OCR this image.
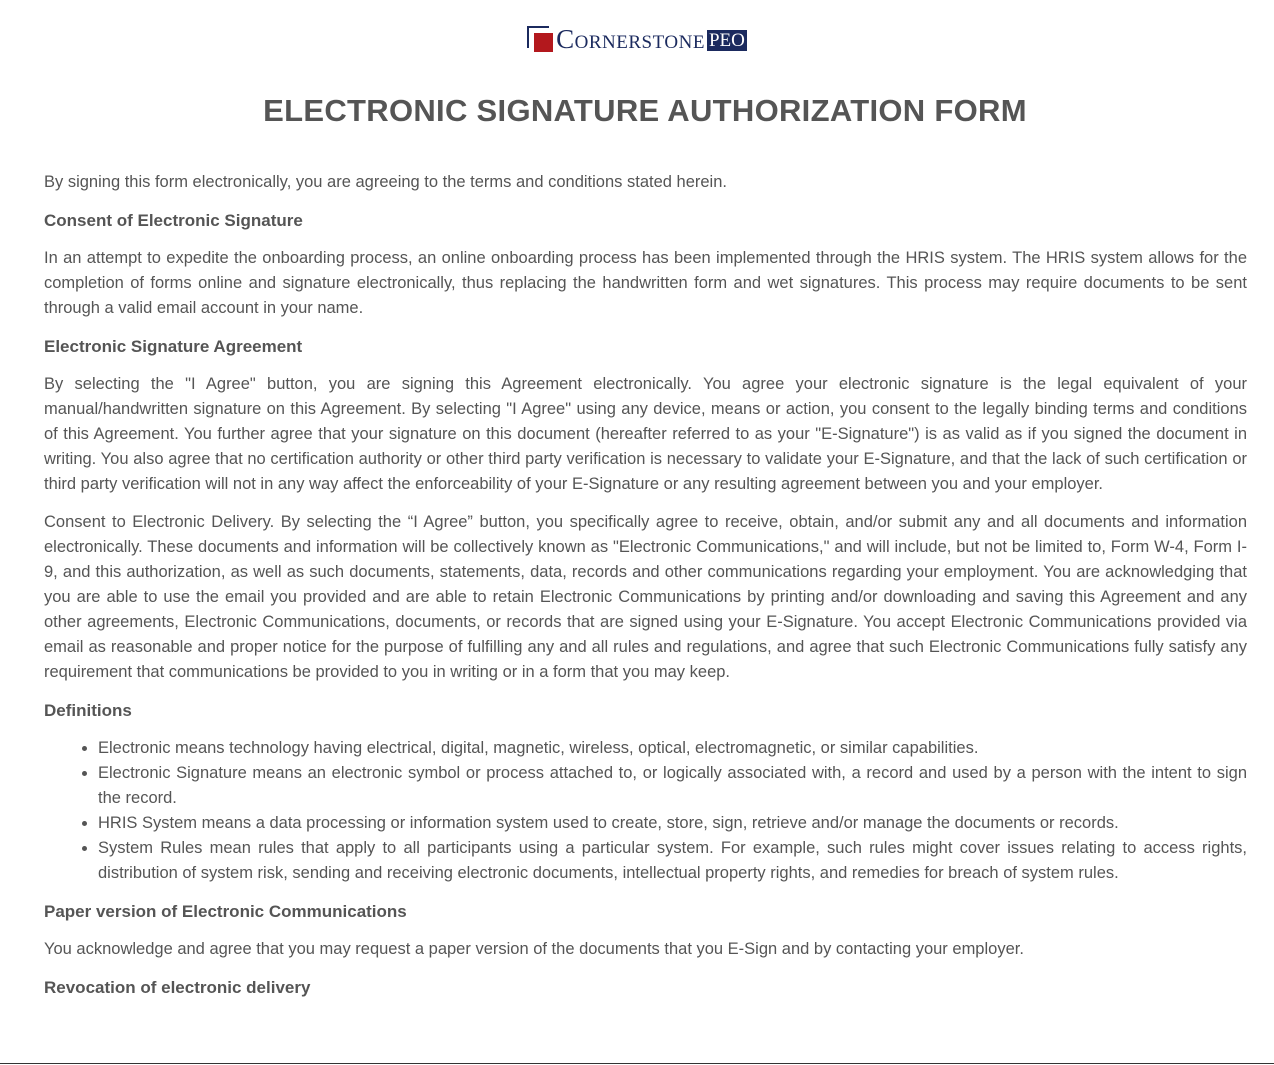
Cornerstone PEO
ELECTRONIC SIGNATURE AUTHORIZATION FORM

By signing this form electronically, you are agreeing to the terms and conditions stated herein.

Consent of Electronic Signature

In an attempt to expedite the onboarding process, an online onboarding process has been implemented through the HRIS system. The HRIS system allows for the completion of forms online and signature electronically, thus replacing the handwritten form and wet signatures. This process may require documents to be sent through a valid email account in your name.

Electronic Signature Agreement

By selecting the "I Agree" button, you are signing this Agreement electronically. You agree your electronic signature is the legal equivalent of your manual/handwritten signature on this Agreement. By selecting "I Agree" using any device, means or action, you consent to the legally binding terms and conditions of this Agreement. You further agree that your signature on this document (hereafter referred to as your "E-Signature") is as valid as if you signed the document in writing. You also agree that no certification authority or other third party verification is necessary to validate your E-Signature, and that the lack of such certification or third party verification will not in any way affect the enforceability of your E-Signature or any resulting agreement between you and your employer.

Consent to Electronic Delivery. By selecting the “I Agree” button, you specifically agree to receive, obtain, and/or submit any and all documents and information electronically. These documents and information will be collectively known as "Electronic Communications," and will include, but not be limited to, Form W-4, Form I-9, and this authorization, as well as such documents, statements, data, records and other communications regarding your employment. You are acknowledging that you are able to use the email you provided and are able to retain Electronic Communications by printing and/or downloading and saving this Agreement and any other agreements, Electronic Communications, documents, or records that are signed using your E-Signature. You accept Electronic Communications provided via email as reasonable and proper notice for the purpose of fulfilling any and all rules and regulations, and agree that such Electronic Communications fully satisfy any requirement that communications be provided to you in writing or in a form that you may keep.

Definitions
• Electronic means technology having electrical, digital, magnetic, wireless, optical, electromagnetic, or similar capabilities.
• Electronic Signature means an electronic symbol or process attached to, or logically associated with, a record and used by a person with the intent to sign the record.
• HRIS System means a data processing or information system used to create, store, sign, retrieve and/or manage the documents or records.
• System Rules mean rules that apply to all participants using a particular system. For example, such rules might cover issues relating to access rights, distribution of system risk, sending and receiving electronic documents, intellectual property rights, and remedies for breach of system rules.
Paper version of Electronic Communications

You acknowledge and agree that you may request a paper version of the documents that you E-Sign and by contacting your employer.

Revocation of electronic delivery
